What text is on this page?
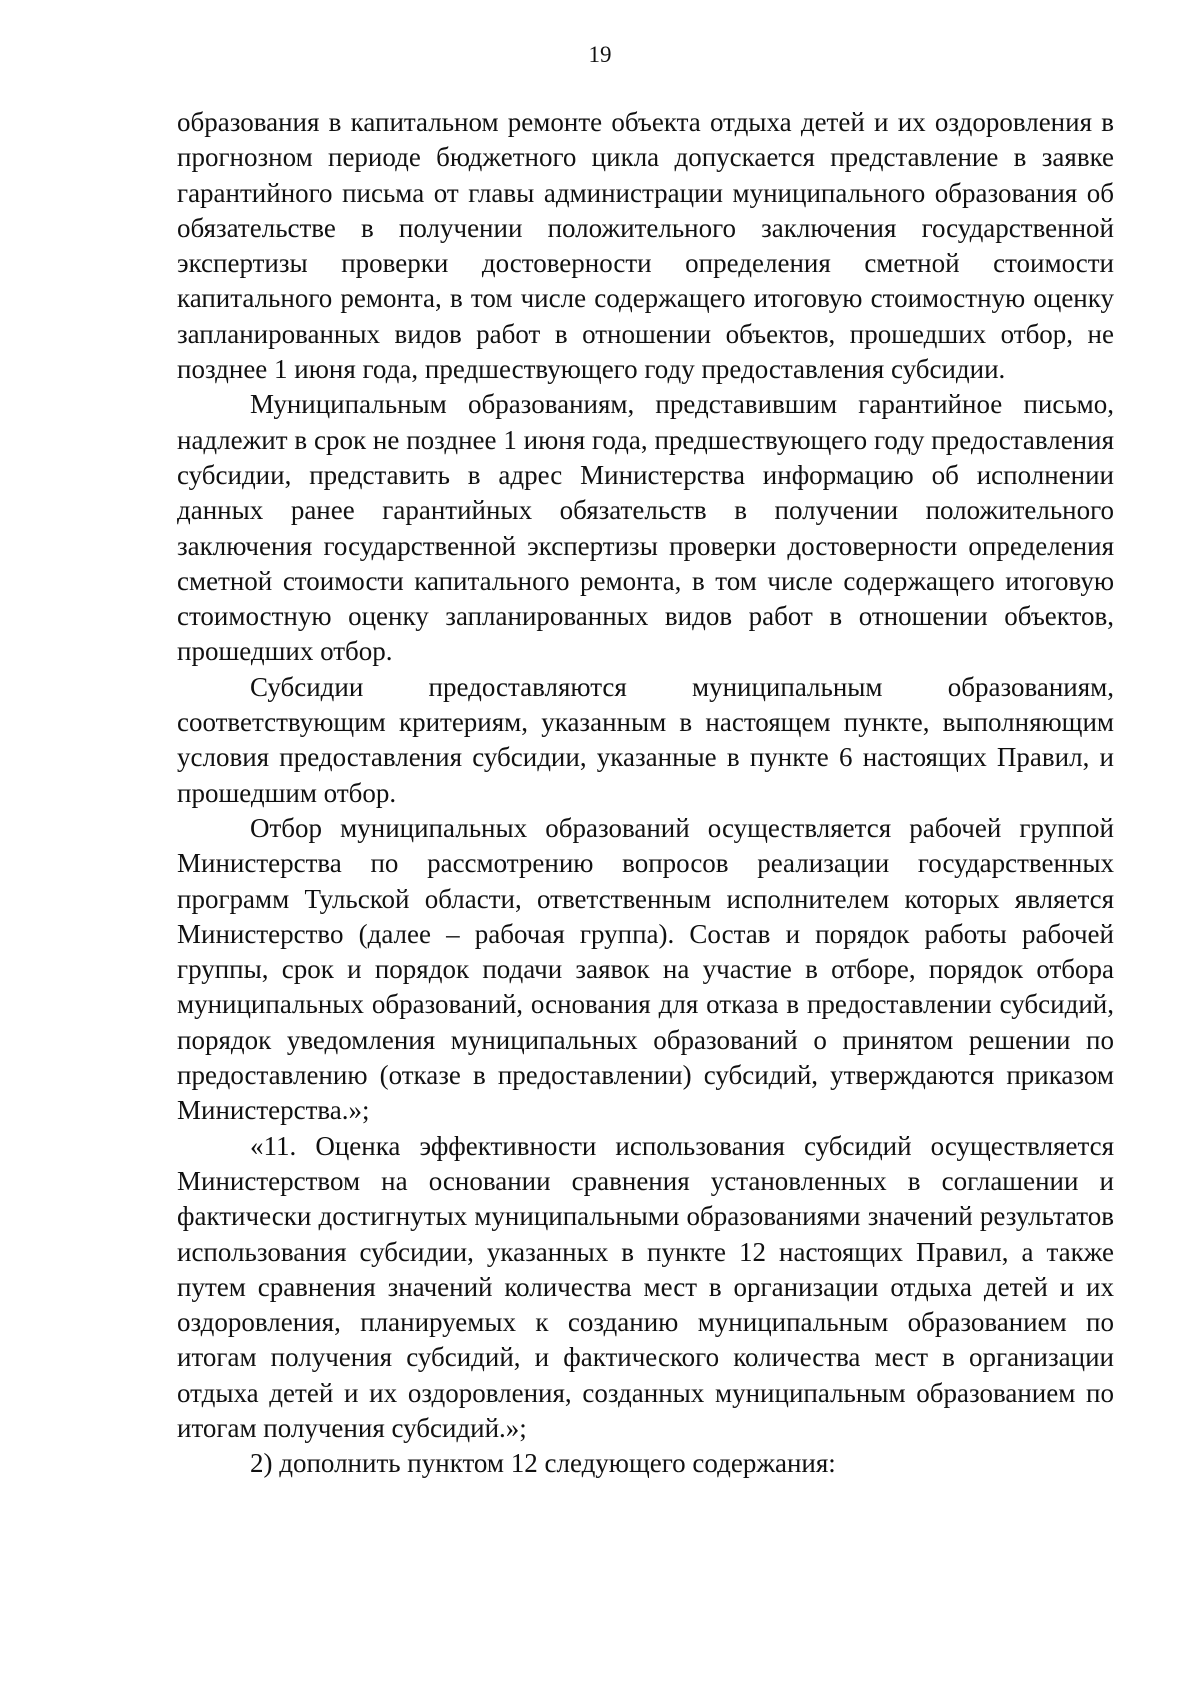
19

образования в капитальном ремонте объекта отдыха детей и их оздоровления в прогнозном периоде бюджетного цикла допускается представление в заявке гарантийного письма от главы администрации муниципального образования об обязательстве в получении положительного заключения государственной экспертизы проверки достоверности определения сметной стоимости капитального ремонта, в том числе содержащего итоговую стоимостную оценку запланированных видов работ в отношении объектов, прошедших отбор, не позднее 1 июня года, предшествующего году предоставления субсидии.

Муниципальным образованиям, представившим гарантийное письмо, надлежит в срок не позднее 1 июня года, предшествующего году предоставления субсидии, представить в адрес Министерства информацию об исполнении данных ранее гарантийных обязательств в получении положительного заключения государственной экспертизы проверки достоверности определения сметной стоимости капитального ремонта, в том числе содержащего итоговую стоимостную оценку запланированных видов работ в отношении объектов, прошедших отбор.

Субсидии предоставляются муниципальным образованиям, соответствующим критериям, указанным в настоящем пункте, выполняющим условия предоставления субсидии, указанные в пункте 6 настоящих Правил, и прошедшим отбор.

Отбор муниципальных образований осуществляется рабочей группой Министерства по рассмотрению вопросов реализации государственных программ Тульской области, ответственным исполнителем которых является Министерство (далее – рабочая группа). Состав и порядок работы рабочей группы, срок и порядок подачи заявок на участие в отборе, порядок отбора муниципальных образований, основания для отказа в предоставлении субсидий, порядок уведомления муниципальных образований о принятом решении по предоставлению (отказе в предоставлении) субсидий, утверждаются приказом Министерства.»;

«11. Оценка эффективности использования субсидий осуществляется Министерством на основании сравнения установленных в соглашении и фактически достигнутых муниципальными образованиями значений результатов использования субсидии, указанных в пункте 12 настоящих Правил, а также путем сравнения значений количества мест в организации отдыха детей и их оздоровления, планируемых к созданию муниципальным образованием по итогам получения субсидий, и фактического количества мест в организации отдыха детей и их оздоровления, созданных муниципальным образованием по итогам получения субсидий.»;

2) дополнить пунктом 12 следующего содержания:
